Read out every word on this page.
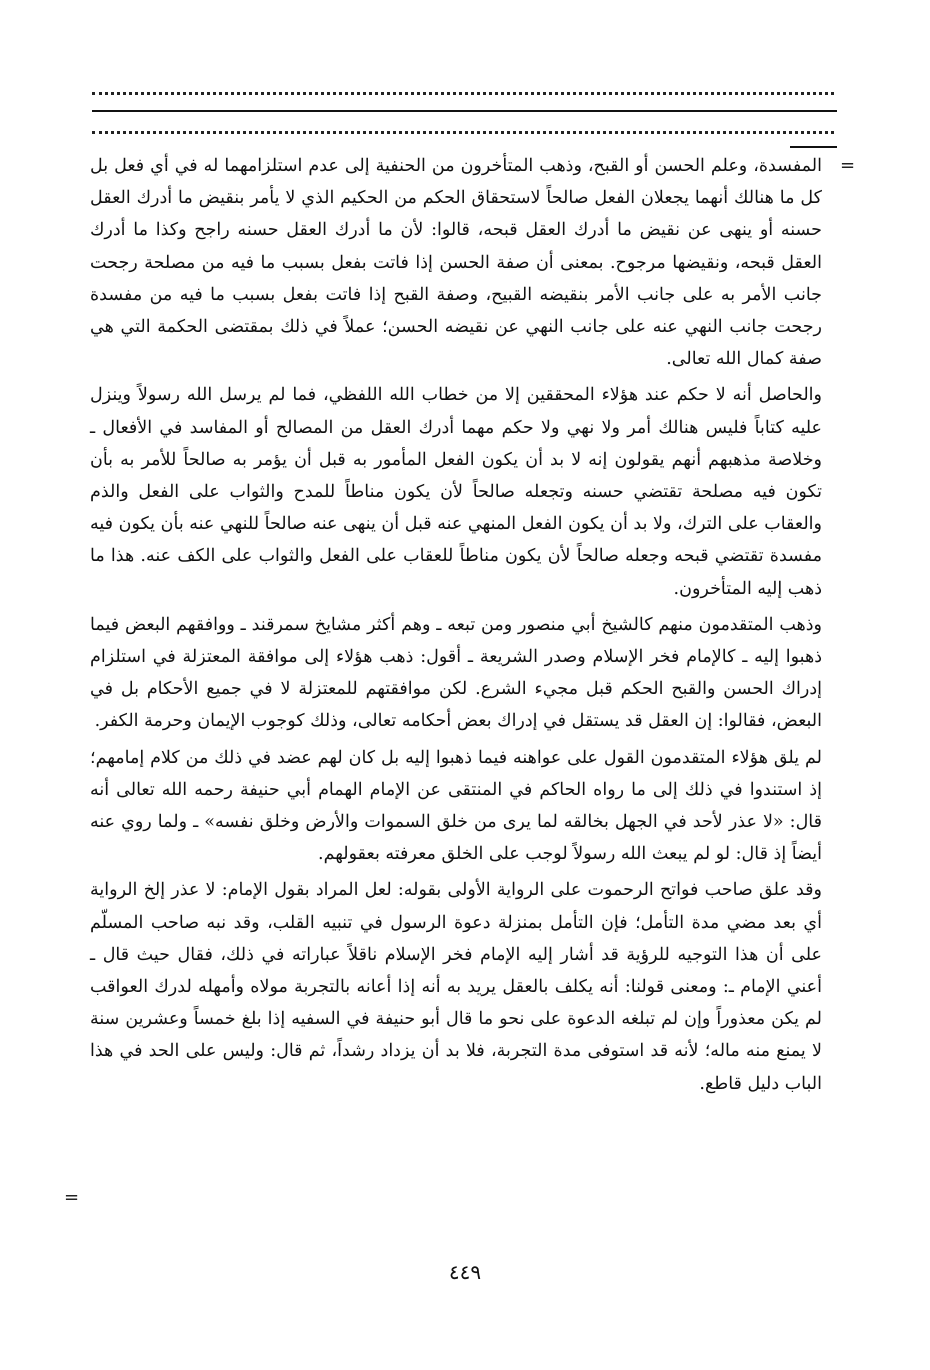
=

المفسدة، وعلم الحسن أو القبح، وذهب المتأخرون من الحنفية إلى عدم استلزامهما له في أي فعل بل كل ما هنالك أنهما يجعلان الفعل صالحاً لاستحقاق الحكم من الحكيم الذي لا يأمر بنقيض ما أدرك العقل حسنه أو ينهى عن نقيض ما أدرك العقل قبحه، قالوا: لأن ما أدرك العقل حسنه راجح وكذا ما أدرك العقل قبحه، ونقيضها مرجوح. بمعنى أن صفة الحسن إذا فاتت بفعل بسبب ما فيه من مصلحة رجحت جانب الأمر به على جانب الأمر بنقيضه القبيح، وصفة القبح إذا فاتت بفعل بسبب ما فيه من مفسدة رجحت جانب النهي عنه على جانب النهي عن نقيضه الحسن؛ عملاً في ذلك بمقتضى الحكمة التي هي صفة كمال الله تعالى.

والحاصل أنه لا حكم عند هؤلاء المحققين إلا من خطاب الله اللفظي، فما لم يرسل الله رسولاً وينزل عليه كتاباً فليس هنالك أمر ولا نهي ولا حكم مهما أدرك العقل من المصالح أو المفاسد في الأفعال ـ وخلاصة مذهبهم أنهم يقولون إنه لا بد أن يكون الفعل المأمور به قبل أن يؤمر به صالحاً للأمر به بأن تكون فيه مصلحة تقتضي حسنه وتجعله صالحاً لأن يكون مناطاً للمدح والثواب على الفعل والذم والعقاب على الترك، ولا بد أن يكون الفعل المنهي عنه قبل أن ينهى عنه صالحاً للنهي عنه بأن يكون فيه مفسدة تقتضي قبحه وجعله صالحاً لأن يكون مناطاً للعقاب على الفعل والثواب على الكف عنه. هذا ما ذهب إليه المتأخرون.

وذهب المتقدمون منهم كالشيخ أبي منصور ومن تبعه ـ وهم أكثر مشايخ سمرقند ـ ووافقهم البعض فيما ذهبوا إليه ـ كالإمام فخر الإسلام وصدر الشريعة ـ أقول: ذهب هؤلاء إلى موافقة المعتزلة في استلزام إدراك الحسن والقبح الحكم قبل مجيء الشرع. لكن موافقتهم للمعتزلة لا في جميع الأحكام بل في البعض، فقالوا: إن العقل قد يستقل في إدراك بعض أحكامه تعالى، وذلك كوجوب الإيمان وحرمة الكفر.

لم يلق هؤلاء المتقدمون القول على عواهنه فيما ذهبوا إليه بل كان لهم عضد في ذلك من كلام إمامهم؛ إذ استندوا في ذلك إلى ما رواه الحاكم في المنتقى عن الإمام الهمام أبي حنيفة رحمه الله تعالى أنه قال: «لا عذر لأحد في الجهل بخالقه لما يرى من خلق السموات والأرض وخلق نفسه» ـ ولما روي عنه أيضاً إذ قال: لو لم يبعث الله رسولاً لوجب على الخلق معرفته بعقولهم.

وقد علق صاحب فواتح الرحموت على الرواية الأولى بقوله: لعل المراد بقول الإمام: لا عذر إلخ الرواية أي بعد مضي مدة التأمل؛ فإن التأمل بمنزلة دعوة الرسول في تنبيه القلب، وقد نبه صاحب المسلّم على أن هذا التوجيه للرؤية قد أشار إليه الإمام فخر الإسلام ناقلاً عباراته في ذلك، فقال حيث قال ـ أعني الإمام ـ: ومعنى قولنا: أنه يكلف بالعقل يريد به أنه إذا أعانه بالتجربة مولاه وأمهله لدرك العواقب لم يكن معذوراً وإن لم تبلغه الدعوة على نحو ما قال أبو حنيفة في السفيه إذا بلغ خمساً وعشرين سنة لا يمنع منه ماله؛ لأنه قد استوفى مدة التجربة، فلا بد أن يزداد رشداً، ثم قال: وليس على الحد في هذا الباب دليل قاطع.

=
٤٤٩
